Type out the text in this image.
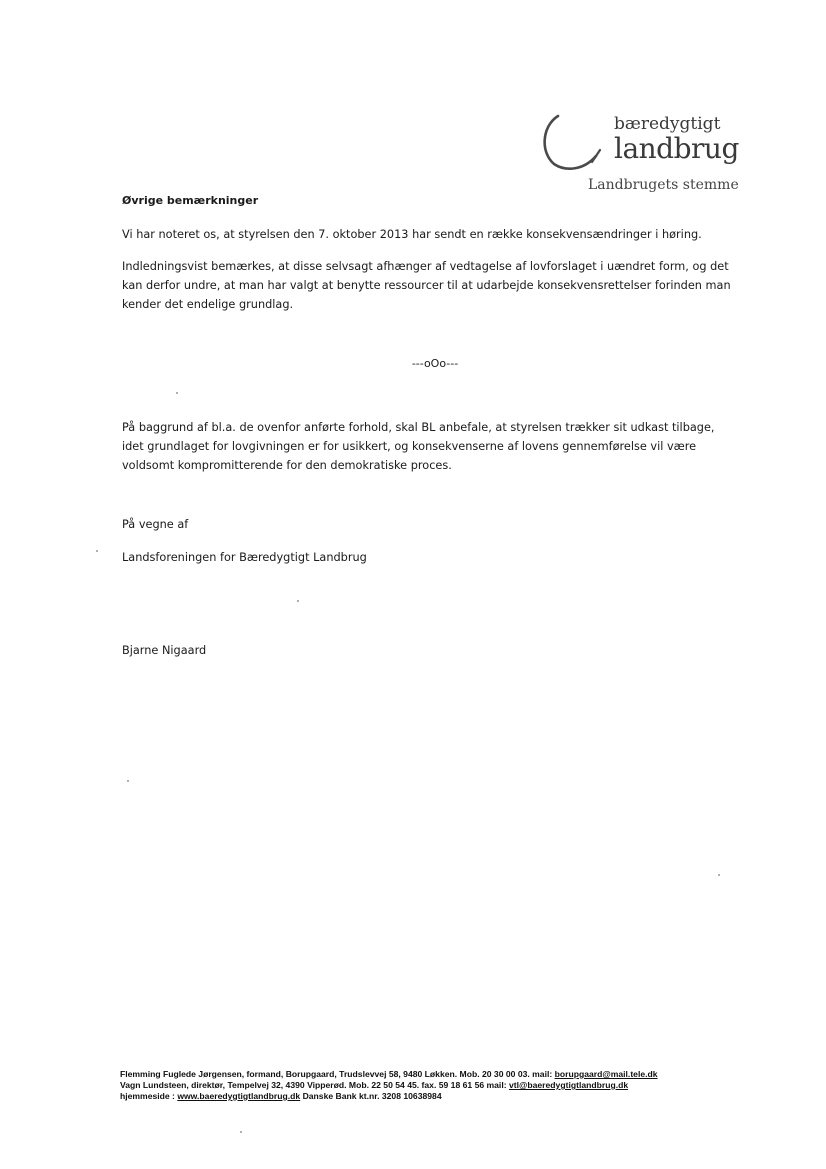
bæredygtigt
landbrug
Landbrugets stemme
Øvrige bemærkninger
Vi har noteret os, at styrelsen den 7. oktober 2013 har sendt en række konsekvensændringer i høring.
Indledningsvist bemærkes, at disse selvsagt afhænger af vedtagelse af lovforslaget i uændret form, og det kan derfor undre, at man har valgt at benytte ressourcer til at udarbejde konsekvensrettelser forinden man kender det endelige grundlag.
---oOo---
På baggrund af bl.a. de ovenfor anførte forhold, skal BL anbefale, at styrelsen trækker sit udkast tilbage, idet grundlaget for lovgivningen er for usikkert, og konsekvenserne af lovens gennemførelse vil være voldsomt kompromitterende for den demokratiske proces.
På vegne af
Landsforeningen for Bæredygtigt Landbrug
Bjarne Nigaard
Flemming Fuglede Jørgensen, formand, Borupgaard, Trudslevvej 58, 9480 Løkken. Mob. 20 30 00 03. mail: borupgaard@mail.tele.dk
Vagn Lundsteen, direktør, Tempelvej 32, 4390 Vipperød. Mob. 22 50 54 45. fax. 59 18 61 56 mail: vtl@baeredygtigtlandbrug.dk
hjemmeside : www.baeredygtigtlandbrug.dk Danske Bank kt.nr. 3208 10638984
